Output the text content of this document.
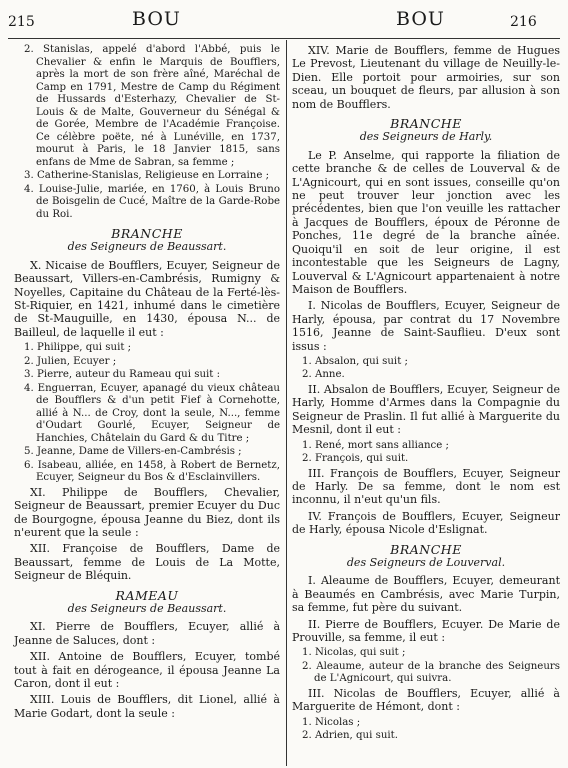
215	BOU	BOU	216

2. Stanislas, appelé d'abord l'Abbé, puis le Chevalier & enfin le Marquis de Boufflers, après la mort de son frère aîné, Maréchal de Camp en 1791, Mestre de Camp du Régiment de Hussards d'Esterhazy, Chevalier de St-Louis & de Malte, Gouverneur du Sénégal & de Gorée, Membre de l'Académie Françoise. Ce célèbre poëte, né à Lunéville, en 1737, mourut à Paris, le 18 Janvier 1815, sans enfans de Mme de Sabran, sa femme ;

3. Catherine-Stanislas, Religieuse en Lorraine ;

4. Louise-Julie, mariée, en 1760, à Louis Bruno de Boisgelin de Cucé, Maître de la Garde-Robe du Roi.

BRANCHE

des Seigneurs de Beaussart.

X. Nicaise de Boufflers, Ecuyer, Seigneur de Beaussart, Villers-en-Cambrésis, Rumigny & Noyelles, Capitaine du Château de la Ferté-lès-St-Riquier, en 1421, inhumé dans le cimetière de St-Mauguille, en 1430, épousa N... de Bailleul, de laquelle il eut :

1. Philippe, qui suit ;

2. Julien, Ecuyer ;

3. Pierre, auteur du Rameau qui suit :

4. Enguerran, Ecuyer, apanagé du vieux château de Boufflers & d'un petit Fief à Cornehotte, allié à N... de Croy, dont la seule, N..., femme d'Oudart Gourlé, Ecuyer, Seigneur de Hanchies, Châtelain du Gard & du Titre ;

5. Jeanne, Dame de Villers-en-Cambrésis ;

6. Isabeau, alliée, en 1458, à Robert de Bernetz, Ecuyer, Seigneur du Bos & d'Esclainvillers.

XI. Philippe de Boufflers, Chevalier, Seigneur de Beaussart, premier Ecuyer du Duc de Bourgogne, épousa Jeanne du Biez, dont ils n'eurent que la seule :

XII. Françoise de Boufflers, Dame de Beaussart, femme de Louis de La Motte, Seigneur de Bléquin.

RAMEAU

des Seigneurs de Beaussart.

XI. Pierre de Boufflers, Ecuyer, allié à Jeanne de Saluces, dont :

XII. Antoine de Boufflers, Ecuyer, tombé tout à fait en dérogeance, il épousa Jeanne La Caron, dont il eut :

XIII. Louis de Boufflers, dit Lionel, allié à Marie Godart, dont la seule :

XIV. Marie de Boufflers, femme de Hugues Le Prevost, Lieutenant du village de Neuilly-le-Dien. Elle portoit pour armoiries, sur son sceau, un bouquet de fleurs, par allusion à son nom de Boufflers.

BRANCHE

des Seigneurs de Harly.

Le P. Anselme, qui rapporte la filiation de cette branche & de celles de Louverval & de L'Agnicourt, qui en sont issues, conseille qu'on ne peut trouver leur jonction avec les précédentes, bien que l'on veuille les rattacher à Jacques de Boufflers, époux de Péronne de Ponches, 11e degré de la branche aînée. Quoiqu'il en soit de leur origine, il est incontestable que les Seigneurs de Lagny, Louverval & L'Agnicourt appartenaient à notre Maison de Boufflers.

I. Nicolas de Boufflers, Ecuyer, Seigneur de Harly, épousa, par contrat du 17 Novembre 1516, Jeanne de Saint-Sauflieu. D'eux sont issus :

1. Absalon, qui suit ;

2. Anne.

II. Absalon de Boufflers, Ecuyer, Seigneur de Harly, Homme d'Armes dans la Compagnie du Seigneur de Praslin. Il fut allié à Marguerite du Mesnil, dont il eut :

1. René, mort sans alliance ;

2. François, qui suit.

III. François de Boufflers, Ecuyer, Seigneur de Harly. De sa femme, dont le nom est inconnu, il n'eut qu'un fils.

IV. François de Boufflers, Ecuyer, Seigneur de Harly, épousa Nicole d'Eslignat.

BRANCHE

des Seigneurs de Louverval.

I. Aleaume de Boufflers, Ecuyer, demeurant à Beaumés en Cambrésis, avec Marie Turpin, sa femme, fut père du suivant.

II. Pierre de Boufflers, Ecuyer. De Marie de Prouville, sa femme, il eut :

1. Nicolas, qui suit ;

2. Aleaume, auteur de la branche des Seigneurs de L'Agnicourt, qui suivra.

III. Nicolas de Boufflers, Ecuyer, allié à Marguerite de Hémont, dont :

1. Nicolas ;

2. Adrien, qui suit.
